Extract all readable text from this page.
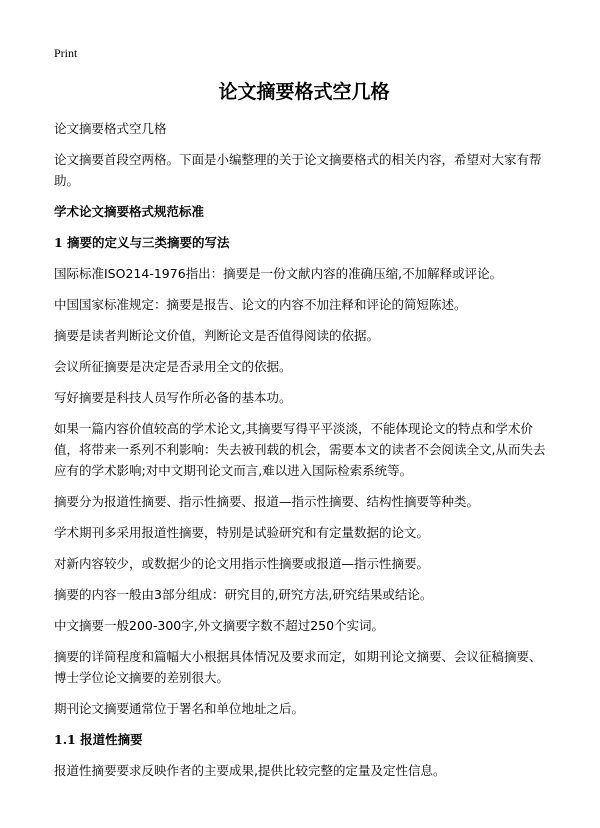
Print
论文摘要格式空几格

论文摘要格式空几格

论文摘要首段空两格。下面是小编整理的关于论文摘要格式的相关内容，希望对大家有帮助。

学术论文摘要格式规范标准
1 摘要的定义与三类摘要的写法

国际标准ISO214-1976指出：摘要是一份文献内容的准确压缩,不加解释或评论。

中国国家标准规定：摘要是报告、论文的内容不加注释和评论的简短陈述。

摘要是读者判断论文价值，判断论文是否值得阅读的依据。

会议所征摘要是决定是否录用全文的依据。

写好摘要是科技人员写作所必备的基本功。

如果一篇内容价值较高的学术论文,其摘要写得平平淡淡，不能体现论文的特点和学术价值，将带来一系列不利影响：失去被刊载的机会，需要本文的读者不会阅读全文,从而失去应有的学术影响;对中文期刊论文而言,难以进入国际检索系统等。

摘要分为报道性摘要、指示性摘要、报道—指示性摘要、结构性摘要等种类。

学术期刊多采用报道性摘要，特别是试验研究和有定量数据的论文。

对新内容较少，或数据少的论文用指示性摘要或报道—指示性摘要。

摘要的内容一般由3部分组成：研究目的,研究方法,研究结果或结论。

中文摘要一般200-300字,外文摘要字数不超过250个实词。

摘要的详简程度和篇幅大小根据具体情况及要求而定，如期刊论文摘要、会议征稿摘要、博士学位论文摘要的差别很大。

期刊论文摘要通常位于署名和单位地址之后。

1.1 报道性摘要

报道性摘要要求反映作者的主要成果,提供比较完整的定量及定性信息。
